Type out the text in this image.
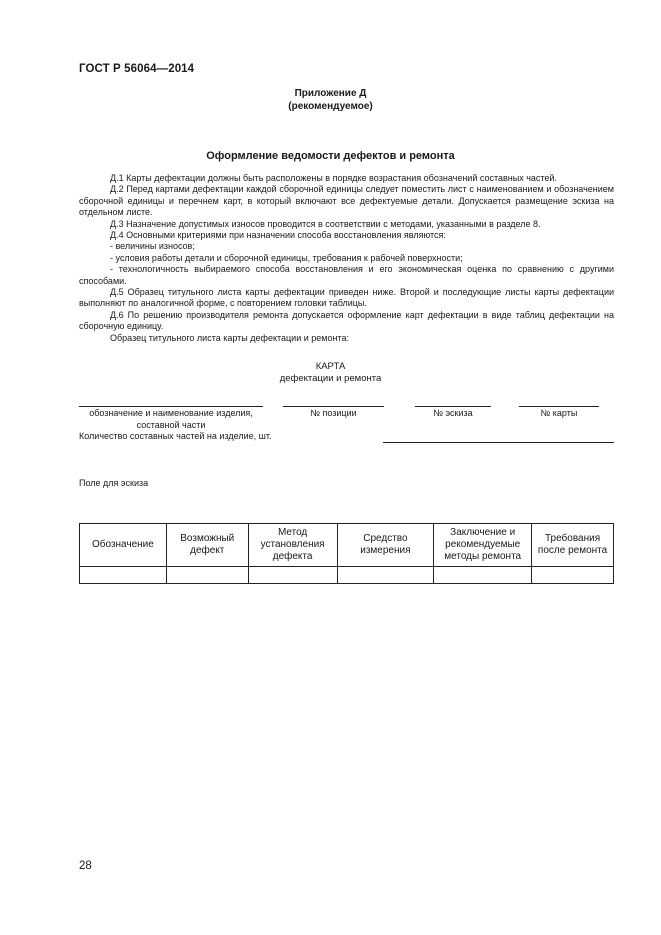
ГОСТ Р 56064—2014
Приложение Д
(рекомендуемое)
Оформление ведомости дефектов и ремонта

Д.1 Карты дефектации должны быть расположены в порядке возрастания обозначений составных частей.

Д.2 Перед картами дефектации каждой сборочной единицы следует поместить лист с наименованием и обозначением сборочной единицы и перечнем карт, в который включают все дефектуемые детали. Допускается размещение эскиза на отдельном листе.

Д.3 Назначение допустимых износов проводится в соответствии с методами, указанными в разделе 8.

Д.4 Основными критериями при назначении способа восстановления являются:

- величины износов;

- условия работы детали и сборочной единицы, требования к рабочей поверхности;

- технологичность выбираемого способа восстановления и его экономическая оценка по сравнению с другими способами.

Д.5 Образец титульного листа карты дефектации приведен ниже. Второй и последующие листы карты дефектации выполняют по аналогичной форме, с повторением головки таблицы.

Д.6 По решению производителя ремонта допускается оформление карт дефектации в виде таблиц дефектации на сборочную единицу.

Образец титульного листа карты дефектации и ремонта:

КАРТА
дефектации и ремонта
обозначение и наименование изделия,
составной части
№ позиции	№ эскиза	№ карты
Количество составных частей на изделие, шт.
Поле для эскиза
Обозначение	Возможный дефект	Метод установления дефекта	Средство измерения	Заключение и рекомендуемые методы ремонта	Требования после ремонта

28
